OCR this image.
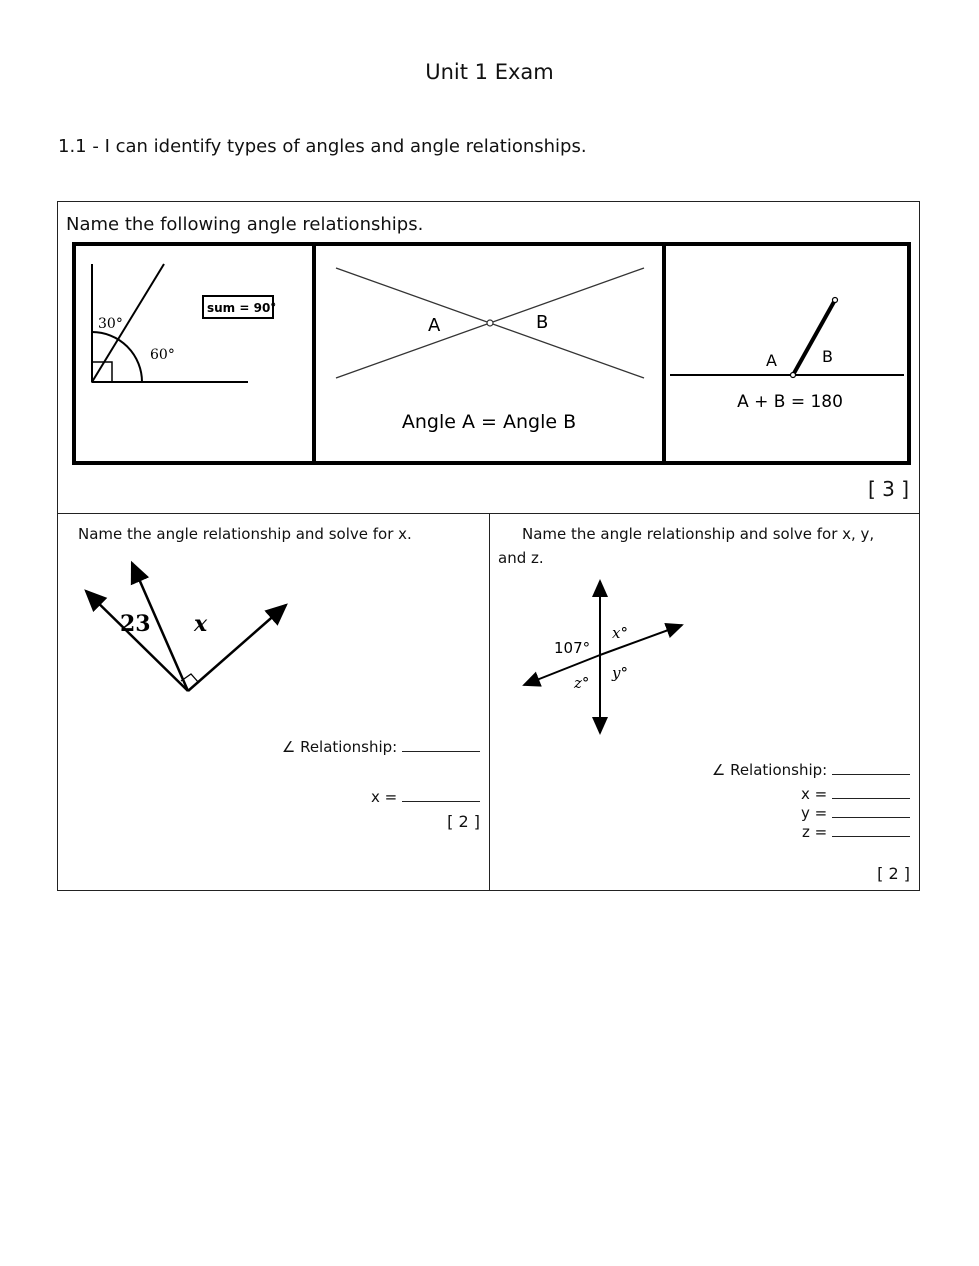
Unit 1 Exam
1.1 - I can identify types of angles and angle relationships.
Name the following angle relationships.
30°
60°
sum = 90°
A	B
Angle A = Angle B
A	B
A + B = 180
[ 3 ]
Name the angle relationship and solve for x.
23 x
∠ Relationship:
x =
[ 2 ]
Name the angle relationship and solve for x, y,
and z.
107°
x°
y°
z°
∠ Relationship:
x =
y =
z =
[ 2 ]
